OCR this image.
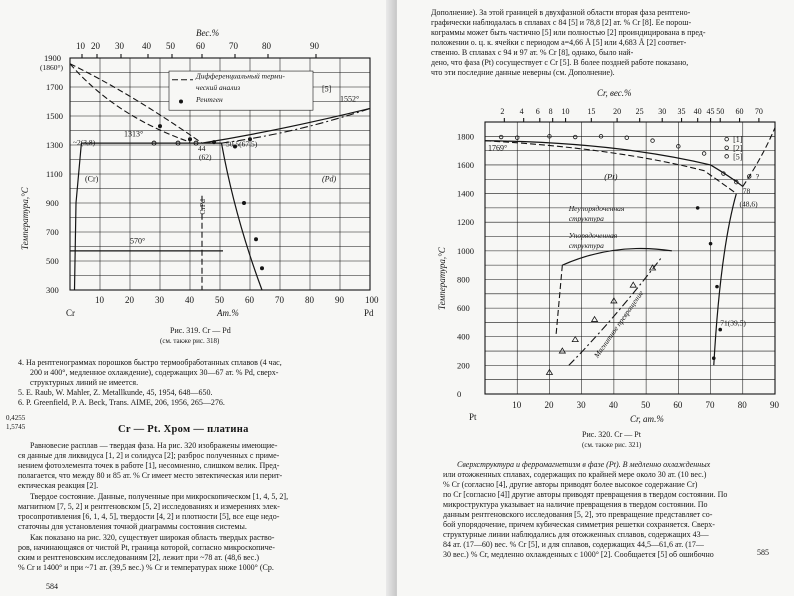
10 20 30 40 50 60	70	80	90
Вес.%
1900
(1860°)
1700
1500
1300
1100
900
700
500
300
Температура,°С
10 20 30 40 50 60 70 80 90 100
Cr	Ат.%	Pd
Дифференциальный терми-
ческий анализ
Рентген
[5]
1552°
1313°
~2(3,8)
44
(62)
50,5(67,5)
(Cr)	(Pd)
CrPd
570°
Рис. 319. Cr — Pd
(см. также рис. 318)
4. На рентгенограммах порошков быстро термообработанных сплавов (4 час,
200 и 400°, медленное охлаждение), содержащих 30—67 ат. % Pd, сверх-
структурных линий не имеется.
5. E. Raub, W. Mahler, Z. Metallkunde, 45, 1954, 648—650.
6. P. Greenfield, P. A. Beck, Trans. AIME, 206, 1956, 265—276.
0,4255
1,5745	Cr — Pt. Хром — платина
Равновесие расплав — твердая фаза. На рис. 320 изображены имеющие-
ся данные для ликвидуса [1, 2] и солидуса [2]; разброс полученных с приме-
нением фотоэлемента точек в работе [1], несомненно, слишком велик. Пред-
полагается, что между 80 и 85 ат. % Cr имеет место эвтектическая или перит-
ектическая реакция [2].
Твердое состояние. Данные, полученные при микроскопическом [1, 4, 5, 2],
магнитном [7, 5, 2] и рентгеновском [5, 2] исследованиях и измерениях элек-
тросопротивления [6, 1, 4, 5], твердости [4, 2] и плотности [5], все еще недо-
статочны для установления точной диаграммы состояния системы.
Как показано на рис. 320, существует широкая область твердых раство-
ров, начинающаяся от чистой Pt, граница которой, согласно микроскопиче-
ским и рентгеновским исследованиям [2], лежит при ~78 ат. (48,6 вес.)
% Cr и 1400° и при ~71 ат. (39,5 вес.) % Cr и температурах ниже 1000° (Ср.
584
Дополнение). За этой границей в двухфазной области вторая фаза рентгено-
графически наблюдалась в сплавах с 84 [5] и 78,8 [2] ат. % Cr [8]. Ее порош-
кограммы может быть частично [5] или полностью [2] проиндицирована в пред-
положении о. ц. к. ячейки с периодом a=4,66 Å [5] или 4,683 Å [2] соответ-
ственно. В сплавах с 94 и 97 ат. % Cr [8], однако, было най-
дено, что фаза (Pt) сосуществует с Cr [5]. В более поздней работе показано,
что эти последние данные неверны (см. Дополнение).
2 4 6 8 10 15 20 25 30 35 40 45 50 60 70
Cr, вес.%
1800
1600
1400
1200
1000
800
600
400
200
0
Температура,°С
10	20	30	40	50	60	70	80	90
Pt	Cr, ат.%
[1]
[2]
[5]
1769°
(Pt)
Неупорядоченная
структура
Упорядоченная
структура
Магнитное превращение
78
(48,6)
71(39,5)
?
Рис. 320. Cr — Pt
(см. также рис. 321)
Сверхструктура и ферромагнетизм в фазе (Pt). В медленно охлажденных
или отожженных сплавах, содержащих по крайней мере около 30 ат. (10 вес.)
% Cr (согласно [4], другие авторы приводят более высокое содержание Cr)
по Cr [согласно [4]] другие авторы приводят превращения в твердом состоянии. По
микроструктура указывает на наличие превращения в твердом состоянии. По
данным рентгеновского исследования [5, 2], это превращение представляет со-
бой упорядочение, причем кубическая симметрия решетки сохраняется. Сверх-
структурные линии наблюдались для отожженных сплавов, содержащих 43—
84 ат. (17—60) вес. % Cr [5], и для сплавов, содержащих 44,5—61,6 ат. (17—
30 вес.) % Cr, медленно охлажденных с 1000° [2]. Сообщается [5] об ошибочно	585
